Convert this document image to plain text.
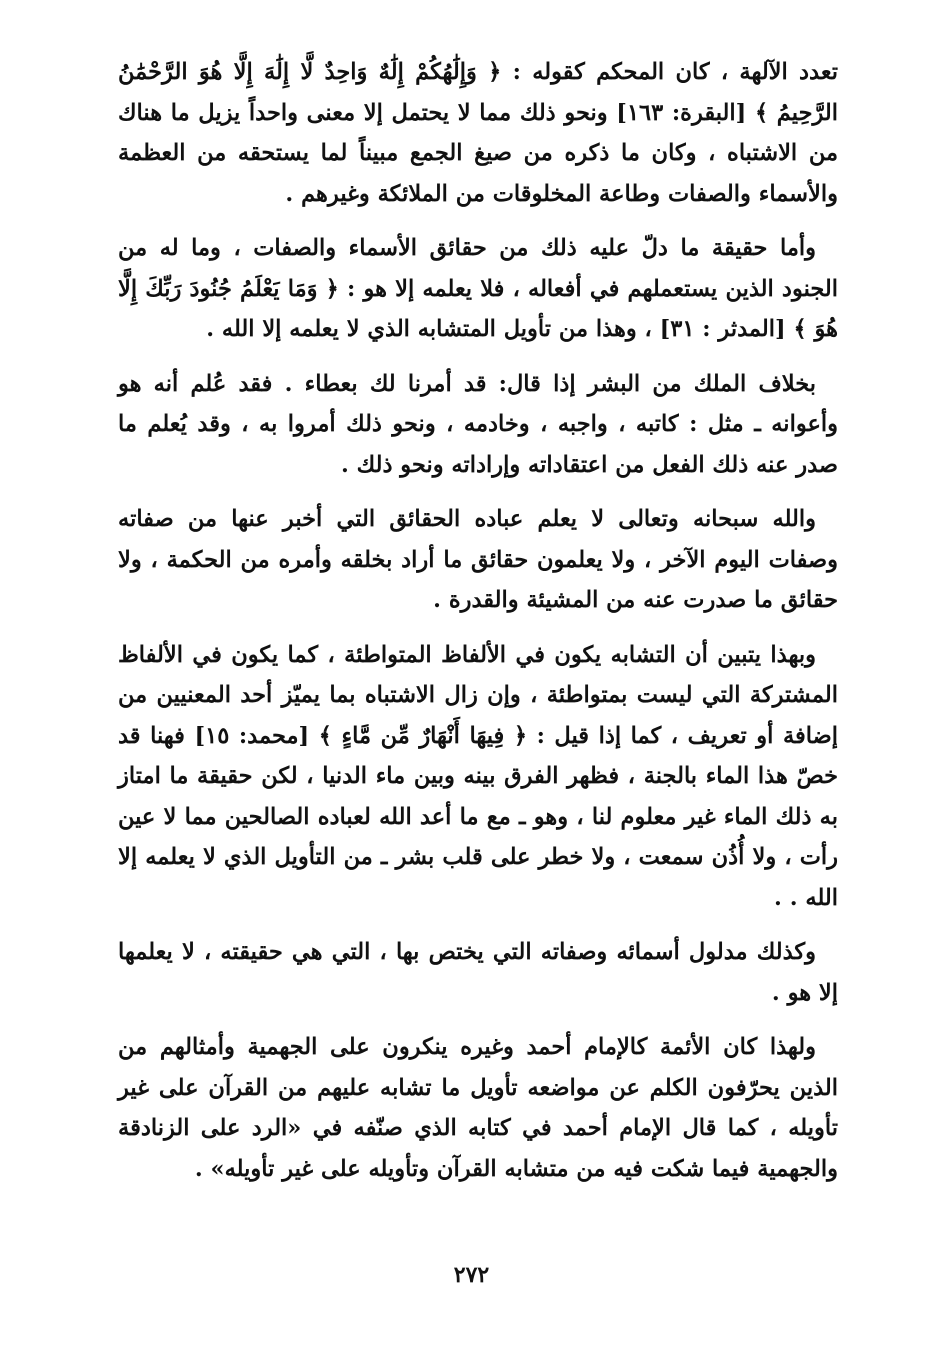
تعدد الآلهة ، كان المحكم كقوله : ﴿ وَإِلَٰهُكُمْ إِلَٰهٌ وَاحِدٌ لَّا إِلَٰهَ إِلَّا هُوَ الرَّحْمَٰنُ الرَّحِيمُ ﴾ [البقرة: ١٦٣] ونحو ذلك مما لا يحتمل إلا معنى واحداً يزيل ما هناك من الاشتباه ، وكان ما ذكره من صيغ الجمع مبيناً لما يستحقه من العظمة والأسماء والصفات وطاعة المخلوقات من الملائكة وغيرهم .

وأما حقيقة ما دلّ عليه ذلك من حقائق الأسماء والصفات ، وما له من الجنود الذين يستعملهم في أفعاله ، فلا يعلمه إلا هو : ﴿ وَمَا يَعْلَمُ جُنُودَ رَبِّكَ إِلَّا هُوَ ﴾ [المدثر : ٣١] ، وهذا من تأويل المتشابه الذي لا يعلمه إلا الله .

بخلاف الملك من البشر إذا قال: قد أمرنا لك بعطاء . فقد عُلم أنه هو وأعوانه ـ مثل : كاتبه ، واجبه ، وخادمه ، ونحو ذلك أمروا به ، وقد يُعلم ما صدر عنه ذلك الفعل من اعتقاداته وإراداته ونحو ذلك .

والله سبحانه وتعالى لا يعلم عباده الحقائق التي أخبر عنها من صفاته وصفات اليوم الآخر ، ولا يعلمون حقائق ما أراد بخلقه وأمره من الحكمة ، ولا حقائق ما صدرت عنه من المشيئة والقدرة .

وبهذا يتبين أن التشابه يكون في الألفاظ المتواطئة ، كما يكون في الألفاظ المشتركة التي ليست بمتواطئة ، وإن زال الاشتباه بما يميّز أحد المعنيين من إضافة أو تعريف ، كما إذا قيل : ﴿ فِيهَا أَنْهَارٌ مِّن مَّاءٍ ﴾ [محمد: ١٥] فهنا قد خصّ هذا الماء بالجنة ، فظهر الفرق بينه وبين ماء الدنيا ، لكن حقيقة ما امتاز به ذلك الماء غير معلوم لنا ، وهو ـ مع ما أعد الله لعباده الصالحين مما لا عين رأت ، ولا أُذُن سمعت ، ولا خطر على قلب بشر ـ من التأويل الذي لا يعلمه إلا الله . .

وكذلك مدلول أسمائه وصفاته التي يختص بها ، التي هي حقيقته ، لا يعلمها إلا هو .

ولهذا كان الأئمة كالإمام أحمد وغيره ينكرون على الجهمية وأمثالهم من الذين يحرّفون الكلم عن مواضعه تأويل ما تشابه عليهم من القرآن على غير تأويله ، كما قال الإمام أحمد في كتابه الذي صنّفه في «الرد على الزنادقة والجهمية فيما شكت فيه من متشابه القرآن وتأويله على غير تأويله» .

٢٧٢
